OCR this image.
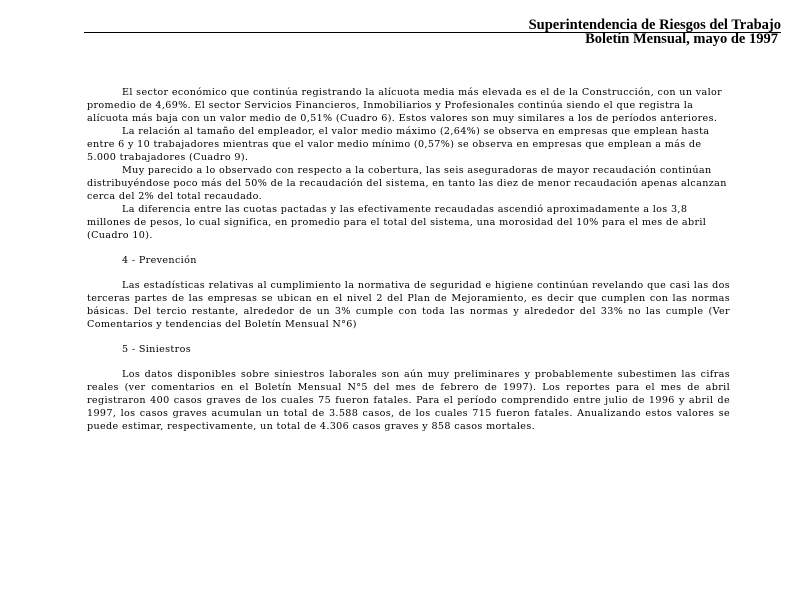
Superintendencia de Riesgos del Trabajo
Boletín Mensual, mayo de 1997

El sector económico que continúa registrando la alícuota media más elevada es el de la Construcción, con un valor promedio de 4,69%. El sector Servicios Financieros, Inmobiliarios y Profesionales continúa siendo el que registra la alícuota más baja con un valor medio de 0,51% (Cuadro 6). Estos valores son muy similares a los de períodos anteriores.

La relación al tamaño del empleador, el valor medio máximo (2,64%) se observa en empresas que emplean hasta entre 6 y 10 trabajadores mientras que el valor medio mínimo (0,57%) se observa en empresas que emplean a más de 5.000 trabajadores (Cuadro 9).

Muy parecido a lo observado con respecto a la cobertura, las seis aseguradoras de mayor recaudación continúan distribuyéndose poco más del 50% de la recaudación del sistema, en tanto las diez de menor recaudación apenas alcanzan cerca del 2% del total recaudado.

La diferencia entre las cuotas pactadas y las efectivamente recaudadas ascendió aproximadamente a los 3,8 millones de pesos, lo cual significa, en promedio para el total del sistema, una morosidad del 10% para el mes de abril (Cuadro 10).

4 - Prevención

Las estadísticas relativas al cumplimiento la normativa de seguridad e higiene continúan revelando que casi las dos terceras partes de las empresas se ubican en el nivel 2 del Plan de Mejoramiento, es decir que cumplen con las normas básicas. Del tercio restante, alrededor de un 3% cumple con toda las normas y alrededor del 33% no las cumple (Ver Comentarios y tendencias del Boletín Mensual N°6)

5 - Siniestros

Los datos disponibles sobre siniestros laborales son aún muy preliminares y probablemente subestimen las cifras reales (ver comentarios en el Boletín Mensual N°5 del mes de febrero de 1997). Los reportes para el mes de abril registraron 400 casos graves de los cuales 75 fueron fatales. Para el período comprendido entre julio de 1996 y abril de 1997, los casos graves acumulan un total de 3.588 casos, de los cuales 715 fueron fatales. Anualizando estos valores se puede estimar, respectivamente, un total de 4.306 casos graves y 858 casos mortales.
